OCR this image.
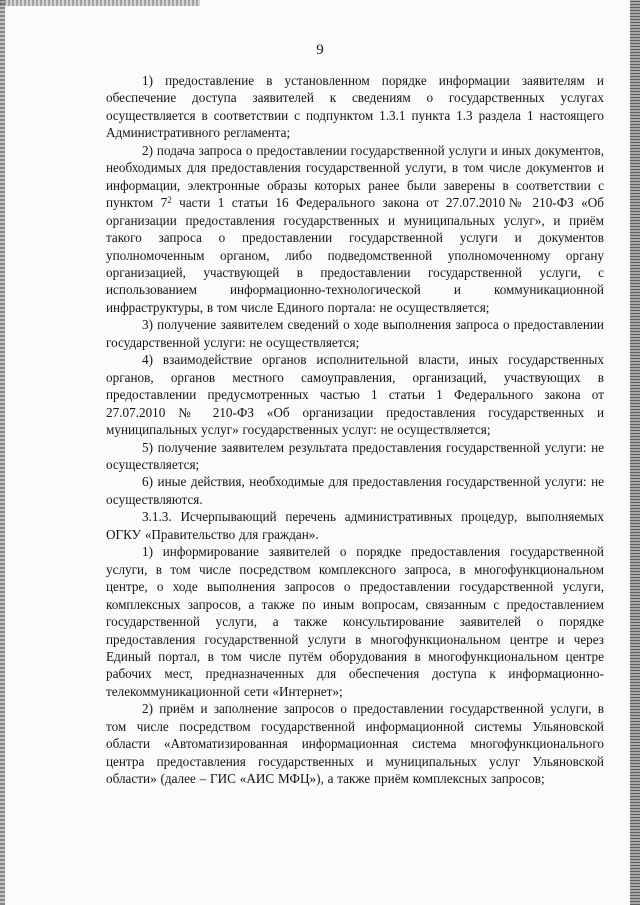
9

1) предоставление в установленном порядке информации заявителям и обеспечение доступа заявителей к сведениям о государственных услугах осуществляется в соответствии с подпунктом 1.3.1 пункта 1.3 раздела 1 настоящего Административного регламента;

2) подача запроса о предоставлении государственной услуги и иных документов, необходимых для предоставления государственной услуги, в том числе документов и информации, электронные образы которых ранее были заверены в соответствии с пунктом $7^2$ части 1 статьи 16 Федерального закона от 27.07.2010№ 210-ФЗ «Об организации предоставления государственных и муниципальных услуг», и приём такого запроса о предоставлении государственной услуги и документов уполномоченным органом, либо подведомственной уполномоченному органу организацией, участвующей в предоставлении государственной услуги, с использованием информационно-технологической и коммуникационной инфраструктуры, в том числе Единого портала: не осуществляется;

3) получение заявителем сведений о ходе выполнения запроса о предоставлении государственной услуги: не осуществляется;

4) взаимодействие органов исполнительной власти, иных государственных органов, органов местного самоуправления, организаций, участвующих в предоставлении предусмотренных частью 1 статьи 1 Федерального закона от 27.07.2010 № 210-ФЗ «Об организации предоставления государственных и муниципальных услуг» государственных услуг: не осуществляется;

5) получение заявителем результата предоставления государственной услуги: не осуществляется;

6) иные действия, необходимые для предоставления государственной услуги: не осуществляются.

3.1.3. Исчерпывающий перечень административных процедур, выполняемых ОГКУ «Правительство для граждан».

1) информирование заявителей о порядке предоставления государственной услуги, в том числе посредством комплексного запроса, в многофункциональном центре, о ходе выполнения запросов о предоставлении государственной услуги, комплексных запросов, а также по иным вопросам, связанным с предоставлением государственной услуги, а также консультирование заявителей о порядке предоставления государственной услуги в многофункциональном центре и через Единый портал, в том числе путём оборудования в многофункциональном центре рабочих мест, предназначенных для обеспечения доступа к информационно-телекоммуникационной сети «Интернет»;

2) приём и заполнение запросов о предоставлении государственной услуги, в том числе посредством государственной информационной системы Ульяновской области «Автоматизированная информационная система многофункционального центра предоставления государственных и муниципальных услуг Ульяновской области» (далее – ГИС «АИС МФЦ»), а также приём комплексных запросов;
